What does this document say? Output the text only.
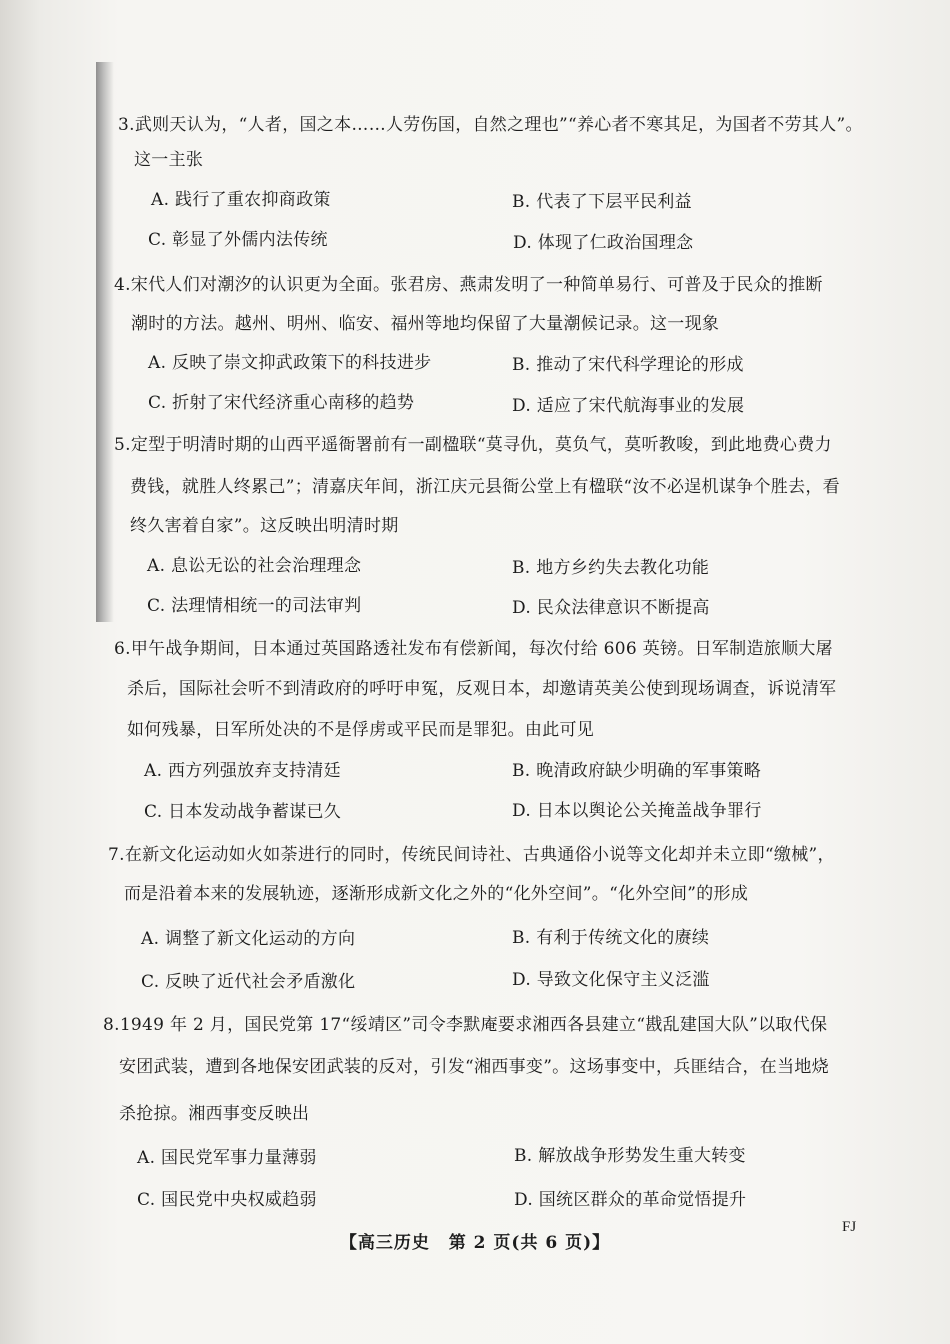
3.武则天认为，“人者，国之本……人劳伤国，自然之理也”“养心者不寒其足，为国者不劳其人”。
这一主张
A. 践行了重农抑商政策	B. 代表了下层平民利益
C. 彰显了外儒内法传统	D. 体现了仁政治国理念
4.宋代人们对潮汐的认识更为全面。张君房、燕肃发明了一种简单易行、可普及于民众的推断
潮时的方法。越州、明州、临安、福州等地均保留了大量潮候记录。这一现象
A. 反映了崇文抑武政策下的科技进步	B. 推动了宋代科学理论的形成
C. 折射了宋代经济重心南移的趋势	D. 适应了宋代航海事业的发展
5.定型于明清时期的山西平遥衙署前有一副楹联“莫寻仇，莫负气，莫听教唆，到此地费心费力
费钱，就胜人终累己”；清嘉庆年间，浙江庆元县衙公堂上有楹联“汝不必逞机谋争个胜去，看
终久害着自家”。这反映出明清时期
A. 息讼无讼的社会治理理念	B. 地方乡约失去教化功能
C. 法理情相统一的司法审判	D. 民众法律意识不断提高
6.甲午战争期间，日本通过英国路透社发布有偿新闻，每次付给 606 英镑。日军制造旅顺大屠
杀后，国际社会听不到清政府的呼吁申冤，反观日本，却邀请英美公使到现场调查，诉说清军
如何残暴，日军所处决的不是俘虏或平民而是罪犯。由此可见
A. 西方列强放弃支持清廷	B. 晚清政府缺少明确的军事策略
C. 日本发动战争蓄谋已久	D. 日本以舆论公关掩盖战争罪行
7.在新文化运动如火如荼进行的同时，传统民间诗社、古典通俗小说等文化却并未立即“缴械”，
而是沿着本来的发展轨迹，逐渐形成新文化之外的“化外空间”。“化外空间”的形成
A. 调整了新文化运动的方向	B. 有利于传统文化的赓续
C. 反映了近代社会矛盾激化	D. 导致文化保守主义泛滥
8.1949 年 2 月，国民党第 17“绥靖区”司令李默庵要求湘西各县建立“戡乱建国大队”以取代保
安团武装，遭到各地保安团武装的反对，引发“湘西事变”。这场事变中，兵匪结合，在当地烧
杀抢掠。湘西事变反映出
A. 国民党军事力量薄弱	B. 解放战争形势发生重大转变
C. 国民党中央权威趋弱	D. 国统区群众的革命觉悟提升
【高三历史 第 2 页(共 6 页)】
FJ
